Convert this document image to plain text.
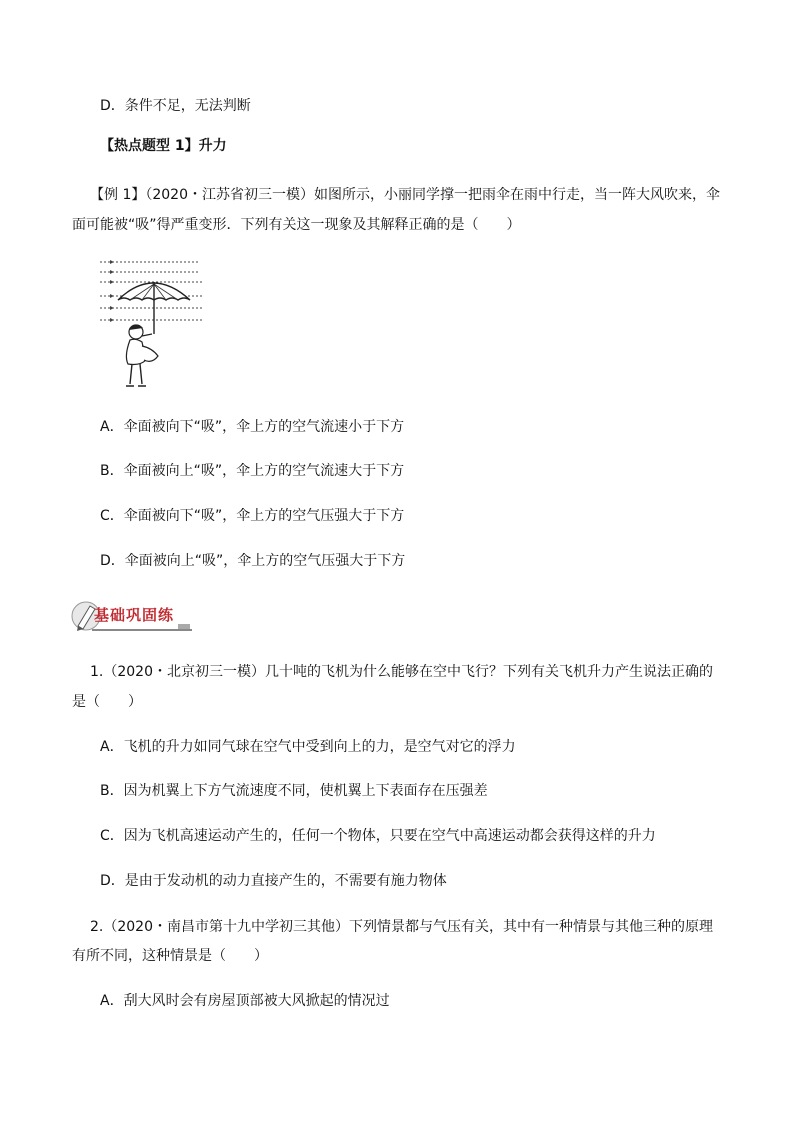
D．条件不足，无法判断
【热点题型 1】升力
【例 1】（2020・江苏省初三一模）如图所示，小丽同学撑一把雨伞在雨中行走，当一阵大风吹来，伞
面可能被“吸”得严重变形．下列有关这一现象及其解释正确的是（　　）
A．伞面被向下“吸”，伞上方的空气流速小于下方
B．伞面被向上“吸”，伞上方的空气流速大于下方
C．伞面被向下“吸”，伞上方的空气压强大于下方
D．伞面被向上“吸”，伞上方的空气压强大于下方
基础巩固练
1.（2020・北京初三一模）几十吨的飞机为什么能够在空中飞行？下列有关飞机升力产生说法正确的
是（　　）
A．飞机的升力如同气球在空气中受到向上的力，是空气对它的浮力
B．因为机翼上下方气流速度不同，使机翼上下表面存在压强差
C．因为飞机高速运动产生的，任何一个物体，只要在空气中高速运动都会获得这样的升力
D．是由于发动机的动力直接产生的，不需要有施力物体
2.（2020・南昌市第十九中学初三其他）下列情景都与气压有关，其中有一种情景与其他三种的原理
有所不同，这种情景是（　　）
A．刮大风时会有房屋顶部被大风掀起的情况过
